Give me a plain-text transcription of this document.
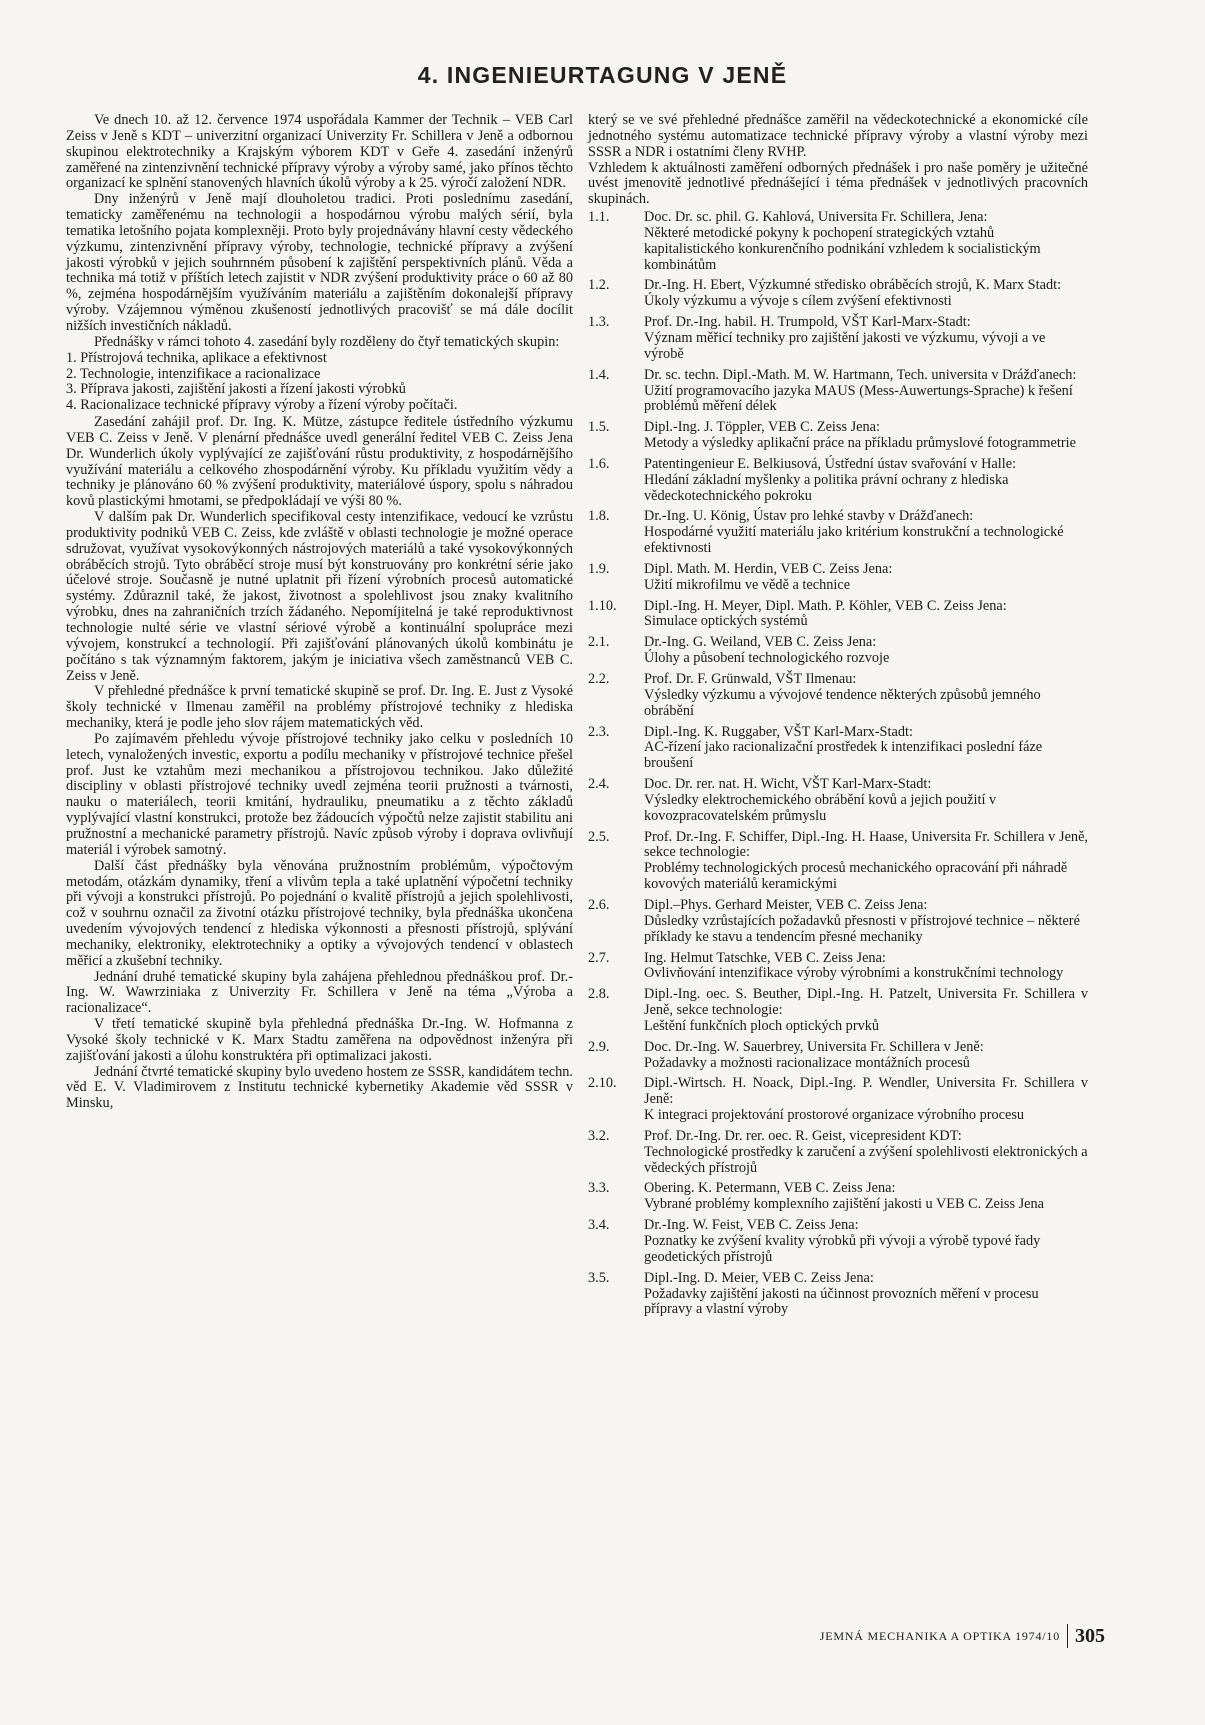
4. INGENIEURTAGUNG V JENĚ

Ve dnech 10. až 12. července 1974 uspořádala Kammer der Technik – VEB Carl Zeiss v Jeně s KDT – univerzitní organizací Univerzity Fr. Schillera v Jeně a odbornou skupinou elektrotechniky a Krajským výborem KDT v Geře 4. zasedání inženýrů zaměřené na zintenzivnění technické přípravy výroby a výroby samé, jako přínos těchto organizací ke splnění stanovených hlavních úkolů výroby a k 25. výročí založení NDR.

Dny inženýrů v Jeně mají dlouholetou tradici. Proti poslednímu zasedání, tematicky zaměřenému na technologii a hospodárnou výrobu malých sérií, byla tematika letošního pojata komplexněji. Proto byly projednávány hlavní cesty vědeckého výzkumu, zintenzivnění přípravy výroby, technologie, technické přípravy a zvýšení jakosti výrobků v jejich souhrnném působení k zajištění perspektivních plánů. Věda a technika má totiž v příštích letech zajistit v NDR zvýšení produktivity práce o 60 až 80 %, zejména hospodárnějším využíváním materiálu a zajištěním dokonalejší přípravy výroby. Vzájemnou výměnou zkušeností jednotlivých pracovišť se má dále docílit nižších investičních nákladů.

Přednášky v rámci tohoto 4. zasedání byly rozděleny do čtyř tematických skupin:

1. Přístrojová technika, aplikace a efektivnost
2. Technologie, intenzifikace a racionalizace
3. Příprava jakosti, zajištění jakosti a řízení jakosti výrobků
4. Racionalizace technické přípravy výroby a řízení výroby počítači.

Zasedání zahájil prof. Dr. Ing. K. Mütze, zástupce ředitele ústředního výzkumu VEB C. Zeiss v Jeně. V plenární přednášce uvedl generální ředitel VEB C. Zeiss Jena Dr. Wunderlich úkoly vyplývající ze zajišťování růstu produktivity, z hospodárnějšího využívání materiálu a celkového zhospodárnění výroby. Ku příkladu využitím vědy a techniky je plánováno 60 % zvýšení produktivity, materiálové úspory, spolu s náhradou kovů plastickými hmotami, se předpokládají ve výši 80 %.

V dalším pak Dr. Wunderlich specifikoval cesty intenzifikace, vedoucí ke vzrůstu produktivity podniků VEB C. Zeiss, kde zvláště v oblasti technologie je možné operace sdružovat, využívat vysokovýkonných nástrojových materiálů a také vysokovýkonných obráběcích strojů. Tyto obráběcí stroje musí být konstruovány pro konkrétní série jako účelové stroje. Současně je nutné uplatnit při řízení výrobních procesů automatické systémy. Zdůraznil také, že jakost, životnost a spolehlivost jsou znaky kvalitního výrobku, dnes na zahraničních trzích žádaného. Nepomíjitelná je také reproduktivnost technologie nulté série ve vlastní sériové výrobě a kontinuální spolupráce mezi vývojem, konstrukcí a technologií. Při zajišťování plánovaných úkolů kombinátu je počítáno s tak významným faktorem, jakým je iniciativa všech zaměstnanců VEB C. Zeiss v Jeně.

V přehledné přednášce k první tematické skupině se prof. Dr. Ing. E. Just z Vysoké školy technické v Ilmenau zaměřil na problémy přístrojové techniky z hlediska mechaniky, která je podle jeho slov rájem matematických věd.

Po zajímavém přehledu vývoje přístrojové techniky jako celku v posledních 10 letech, vynaložených investic, exportu a podílu mechaniky v přístrojové technice přešel prof. Just ke vztahům mezi mechanikou a přístrojovou technikou. Jako důležité discipliny v oblasti přístrojové techniky uvedl zejména teorii pružnosti a tvárnosti, nauku o materiálech, teorii kmitání, hydrauliku, pneumatiku a z těchto základů vyplývající vlastní konstrukci, protože bez žádoucích výpočtů nelze zajistit stabilitu ani pružnostní a mechanické parametry přístrojů. Navíc způsob výroby i doprava ovlivňují materiál i výrobek samotný.

Další část přednášky byla věnována pružnostním problémům, výpočtovým metodám, otázkám dynamiky, tření a vlivům tepla a také uplatnění výpočetní techniky při vývoji a konstrukci přístrojů. Po pojednání o kvalitě přístrojů a jejich spolehlivosti, což v souhrnu označil za životní otázku přístrojové techniky, byla přednáška ukončena uvedením vývojových tendencí z hlediska výkonnosti a přesnosti přístrojů, splývání mechaniky, elektroniky, elektrotechniky a optiky a vývojových tendencí v oblastech měřicí a zkušební techniky.

Jednání druhé tematické skupiny byla zahájena přehlednou přednáškou prof. Dr.-Ing. W. Wawrziniaka z Univerzity Fr. Schillera v Jeně na téma „Výroba a racionalizace“.

V třetí tematické skupině byla přehledná přednáška Dr.-Ing. W. Hofmanna z Vysoké školy technické v K. Marx Stadtu zaměřena na odpovědnost inženýra při zajišťování jakosti a úlohu konstruktéra při optimalizaci jakosti.

Jednání čtvrté tematické skupiny bylo uvedeno hostem ze SSSR, kandidátem techn. věd E. V. Vladimirovem z Institutu technické kybernetiky Akademie věd SSSR v Minsku,

který se ve své přehledné přednášce zaměřil na vědeckotechnické a ekonomické cíle jednotného systému automatizace technické přípravy výroby a vlastní výroby mezi SSSR a NDR i ostatními členy RVHP.

Vzhledem k aktuálnosti zaměření odborných přednášek i pro naše poměry je užitečné uvést jmenovitě jednotlivé přednášející i téma přednášek v jednotlivých pracovních skupinách.

1.1.	Doc. Dr. sc. phil. G. Kahlová, Universita Fr. Schillera, Jena:
Některé metodické pokyny k pochopení strategických vztahů kapitalistického konkurenčního podnikání vzhledem k socialistickým kombinátům
1.2.	Dr.-Ing. H. Ebert, Výzkumné středisko obráběcích strojů, K. Marx Stadt:
Úkoly výzkumu a vývoje s cílem zvýšení efektivnosti
1.3.	Prof. Dr.-Ing. habil. H. Trumpold, VŠT Karl-Marx-Stadt:
Význam měřicí techniky pro zajištění jakosti ve výzkumu, vývoji a ve výrobě
1.4.	Dr. sc. techn. Dipl.-Math. M. W. Hartmann, Tech. universita v Drážďanech:
Užití programovacího jazyka MAUS (Mess-Auwertungs-Sprache) k řešení problémů měření délek
1.5.	Dipl.-Ing. J. Töppler, VEB C. Zeiss Jena:
Metody a výsledky aplikační práce na příkladu průmyslové fotogrammetrie
1.6.	Patentingenieur E. Belkiusová, Ústřední ústav svařování v Halle:
Hledání základní myšlenky a politika právní ochrany z hlediska vědeckotechnického pokroku
1.8.	Dr.-Ing. U. König, Ústav pro lehké stavby v Drážďanech:
Hospodárné využití materiálu jako kritérium konstrukční a technologické efektivnosti
1.9.	Dipl. Math. M. Herdin, VEB C. Zeiss Jena:
Užití mikrofilmu ve vědě a technice
1.10.	Dipl.-Ing. H. Meyer, Dipl. Math. P. Köhler, VEB C. Zeiss Jena:
Simulace optických systémů
2.1.	Dr.-Ing. G. Weiland, VEB C. Zeiss Jena:
Úlohy a působení technologického rozvoje
2.2.	Prof. Dr. F. Grünwald, VŠT Ilmenau:
Výsledky výzkumu a vývojové tendence některých způsobů jemného obrábění
2.3.	Dipl.-Ing. K. Ruggaber, VŠT Karl-Marx-Stadt:
AC-řízení jako racionalizační prostředek k intenzifikaci poslední fáze broušení
2.4.	Doc. Dr. rer. nat. H. Wicht, VŠT Karl-Marx-Stadt:
Výsledky elektrochemického obrábění kovů a jejich použití v kovozpracovatelském průmyslu
2.5.	Prof. Dr.-Ing. F. Schiffer, Dipl.-Ing. H. Haase, Universita Fr. Schillera v Jeně, sekce technologie:
Problémy technologických procesů mechanického opracování při náhradě kovových materiálů keramickými
2.6.	Dipl.–Phys. Gerhard Meister, VEB C. Zeiss Jena:
Důsledky vzrůstajících požadavků přesnosti v přístrojové technice – některé příklady ke stavu a tendencím přesné mechaniky
2.7.	Ing. Helmut Tatschke, VEB C. Zeiss Jena:
Ovlivňování intenzifikace výroby výrobními a konstrukčními technology
2.8.	Dipl.-Ing. oec. S. Beuther, Dipl.-Ing. H. Patzelt, Universita Fr. Schillera v Jeně, sekce technologie:
Leštění funkčních ploch optických prvků
2.9.	Doc. Dr.-Ing. W. Sauerbrey, Universita Fr. Schillera v Jeně:
Požadavky a možnosti racionalizace montážních procesů
2.10.	Dipl.-Wirtsch. H. Noack, Dipl.-Ing. P. Wendler, Universita Fr. Schillera v Jeně:
K integraci projektování prostorové organizace výrobního procesu
3.2.	Prof. Dr.-Ing. Dr. rer. oec. R. Geist, vicepresident KDT:
Technologické prostředky k zaručení a zvýšení spolehlivosti elektronických a vědeckých přístrojů
3.3.	Obering. K. Petermann, VEB C. Zeiss Jena:
Vybrané problémy komplexního zajištění jakosti u VEB C. Zeiss Jena
3.4.	Dr.-Ing. W. Feist, VEB C. Zeiss Jena:
Poznatky ke zvýšení kvality výrobků při vývoji a výrobě typové řady geodetických přístrojů
3.5.	Dipl.-Ing. D. Meier, VEB C. Zeiss Jena:
Požadavky zajištění jakosti na účinnost provozních měření v procesu přípravy a vlastní výroby
JEMNÁ MECHANIKA A OPTIKA 1974/10 305
